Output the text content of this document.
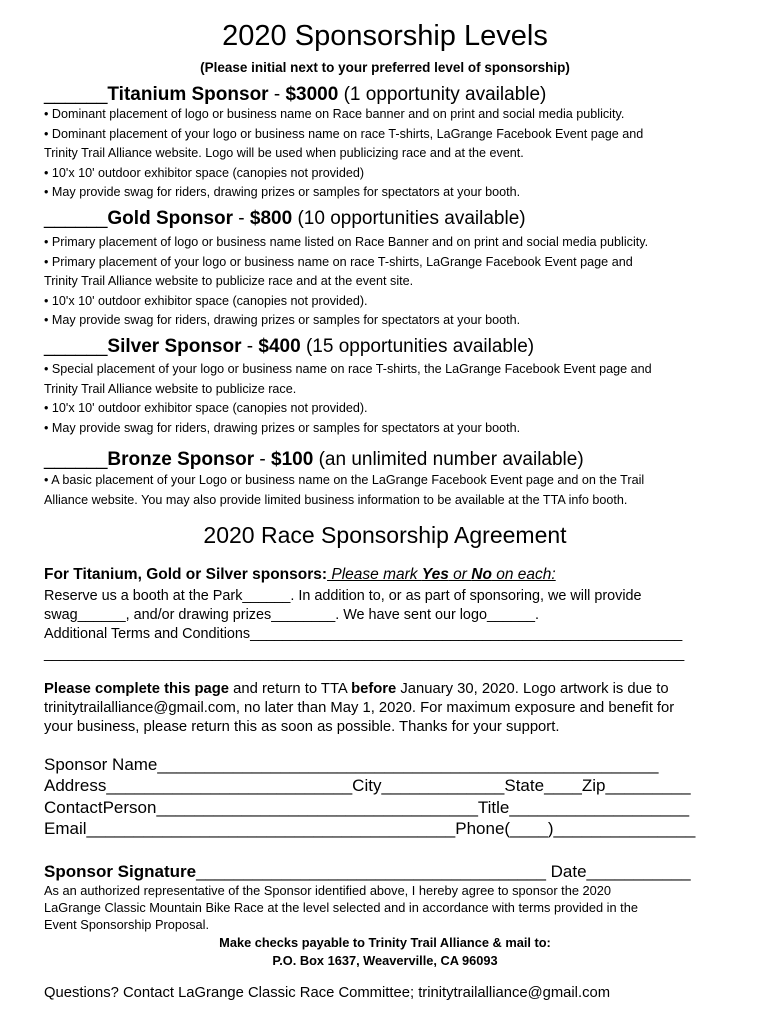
2020 Sponsorship Levels
(Please initial next to your preferred level of sponsorship)
______Titanium Sponsor - $3000 (1 opportunity available)
• Dominant placement of logo or business name on Race banner and on print and social media publicity.
• Dominant placement of your logo or business name on race T-shirts, LaGrange Facebook Event page and
Trinity Trail Alliance website. Logo will be used when publicizing race and at the event.
• 10'x 10' outdoor exhibitor space (canopies not provided)
• May provide swag for riders, drawing prizes or samples for spectators at your booth.
______Gold Sponsor - $800 (10 opportunities available)
• Primary placement of logo or business name listed on Race Banner and on print and social media publicity.
• Primary placement of your logo or business name on race T-shirts, LaGrange Facebook Event page and
Trinity Trail Alliance website to publicize race and at the event site.
• 10'x 10' outdoor exhibitor space (canopies not provided).
• May provide swag for riders, drawing prizes or samples for spectators at your booth.
______Silver Sponsor - $400 (15 opportunities available)
• Special placement of your logo or business name on race T-shirts, the LaGrange Facebook Event page and
Trinity Trail Alliance website to publicize race.
• 10'x 10' outdoor exhibitor space (canopies not provided).
• May provide swag for riders, drawing prizes or samples for spectators at your booth.
______Bronze Sponsor - $100 (an unlimited number available)
• A basic placement of your Logo or business name on the LaGrange Facebook Event page and on the Trail
Alliance website. You may also provide limited business information to be available at the TTA info booth.
2020 Race Sponsorship Agreement
For Titanium, Gold or Silver sponsors: Please mark Yes or No on each:
Reserve us a booth at the Park______. In addition to, or as part of sponsoring, we will provide
swag______, and/or drawing prizes________. We have sent our logo______.
Additional Terms and Conditions______________________________________________________
________________________________________________________________________________
Please complete this page and return to TTA before January 30, 2020. Logo artwork is due to
trinitytrailalliance@gmail.com, no later than May 1, 2020. For maximum exposure and benefit for
your business, please return this as soon as possible. Thanks for your support.
Sponsor Name_____________________________________________________
Address__________________________City_____________State____Zip_________
ContactPerson__________________________________Title___________________
Email_______________________________________Phone(____)_______________
Sponsor Signature_____________________________________ Date___________
As an authorized representative of the Sponsor identified above, I hereby agree to sponsor the 2020
LaGrange Classic Mountain Bike Race at the level selected and in accordance with terms provided in the
Event Sponsorship Proposal.
Make checks payable to Trinity Trail Alliance & mail to:
P.O. Box 1637, Weaverville, CA 96093
Questions? Contact LaGrange Classic Race Committee; trinitytrailalliance@gmail.com
